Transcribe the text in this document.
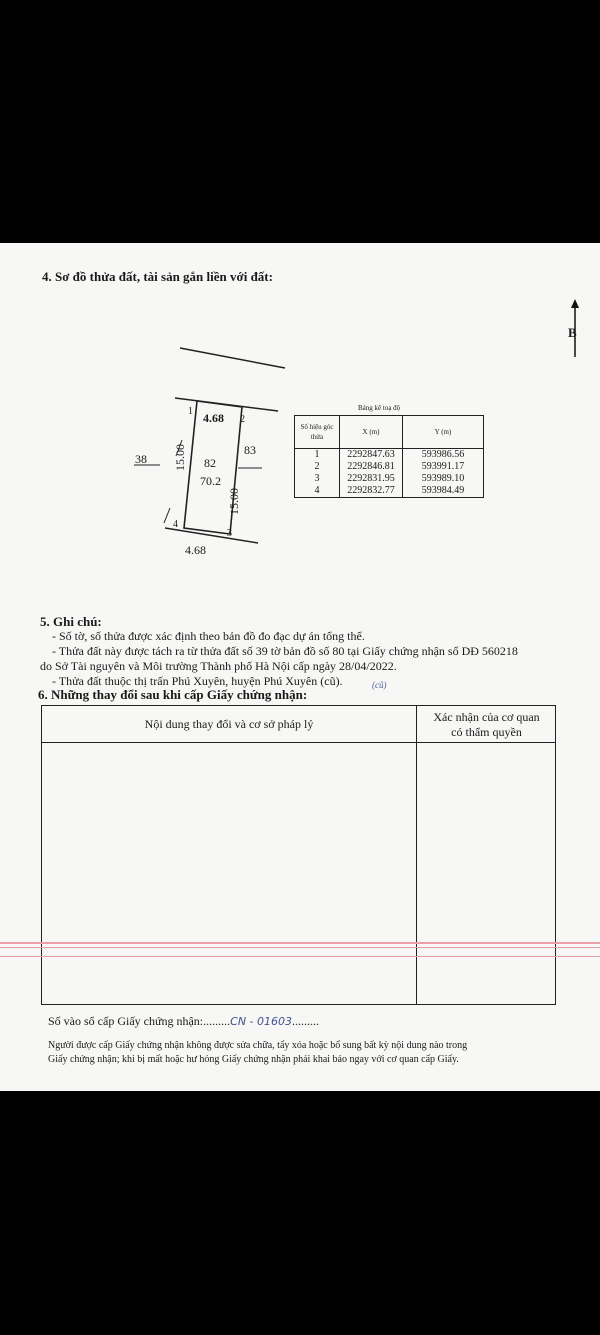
4. Sơ đồ thửa đất, tài sản gắn liền với đất:
B
4.68
4.68
15.00
15.00
82
70.2
38
83
1
2
3
4
Bảng kê toạ độ
Số hiệu góc thửa	X (m)	Y (m)
1	2292847.63	593986.56
2	2292846.81	593991.17
3	2292831.95	593989.10
4	2292832.77	593984.49
5. Ghi chú:
- Số tờ, số thửa được xác định theo bản đồ đo đạc dự án tổng thể.
- Thửa đất này được tách ra từ thửa đất số 39 tờ bản đồ số 80 tại Giấy chứng nhận số DĐ 560218
do Sở Tài nguyên và Môi trường Thành phố Hà Nội cấp ngày 28/04/2022.
- Thửa đất thuộc thị trấn Phú Xuyên, huyện Phú Xuyên (cũ).	(cũ)
6. Những thay đổi sau khi cấp Giấy chứng nhận:
Nội dung thay đổi và cơ sở pháp lý	Xác nhận của cơ quan
có thẩm quyền
Số vào sổ cấp Giấy chứng nhận:.........CN - 01603.........
Người được cấp Giấy chứng nhận không được sửa chữa, tẩy xóa hoặc bổ sung bất kỳ nội dung nào trong
Giấy chứng nhận; khi bị mất hoặc hư hỏng Giấy chứng nhận phải khai báo ngay với cơ quan cấp Giấy.
